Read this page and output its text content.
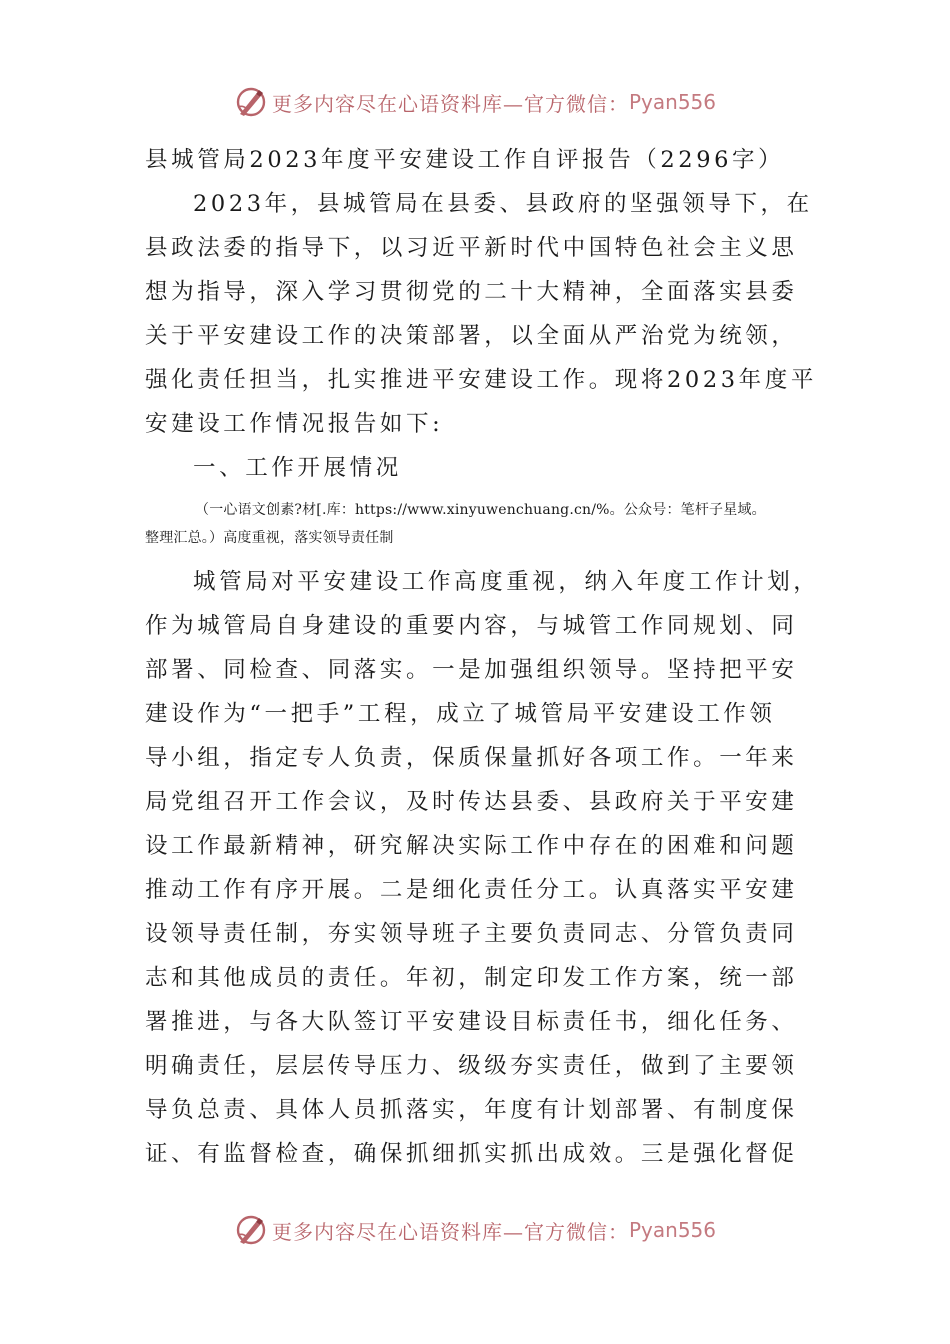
更多内容尽在心语资料库—官方微信： Pyan556
县城管局2023年度平安建设工作自评报告（2296字）
2023年，县城管局在县委、县政府的坚强领导下，在
县政法委的指导下，以习近平新时代中国特色社会主义思
想为指导，深入学习贯彻党的二十大精神，全面落实县委
关于平安建设工作的决策部署，以全面从严治党为统领，
强化责任担当，扎实推进平安建设工作。现将2023年度平
安建设工作情况报告如下:
一、工作开展情况
（一心语文创素?材[.库：https://www.xinyuwenchuang.cn/%。公众号：笔杆子星域。
整理汇总。）高度重视，落实领导责任制
城管局对平安建设工作高度重视，纳入年度工作计划，
作为城管局自身建设的重要内容，与城管工作同规划、同
部署、同检查、同落实。一是加强组织领导。坚持把平安
建设作为“一把手”工程，成立了城管局平安建设工作领
导小组，指定专人负责，保质保量抓好各项工作。一年来
局党组召开工作会议，及时传达县委、县政府关于平安建
设工作最新精神，研究解决实际工作中存在的困难和问题
推动工作有序开展。二是细化责任分工。认真落实平安建
设领导责任制，夯实领导班子主要负责同志、分管负责同
志和其他成员的责任。年初，制定印发工作方案，统一部
署推进，与各大队签订平安建设目标责任书，细化任务、
明确责任，层层传导压力、级级夯实责任，做到了主要领
导负总责、具体人员抓落实，年度有计划部署、有制度保
证、有监督检查，确保抓细抓实抓出成效。三是强化督促
更多内容尽在心语资料库—官方微信： Pyan556
